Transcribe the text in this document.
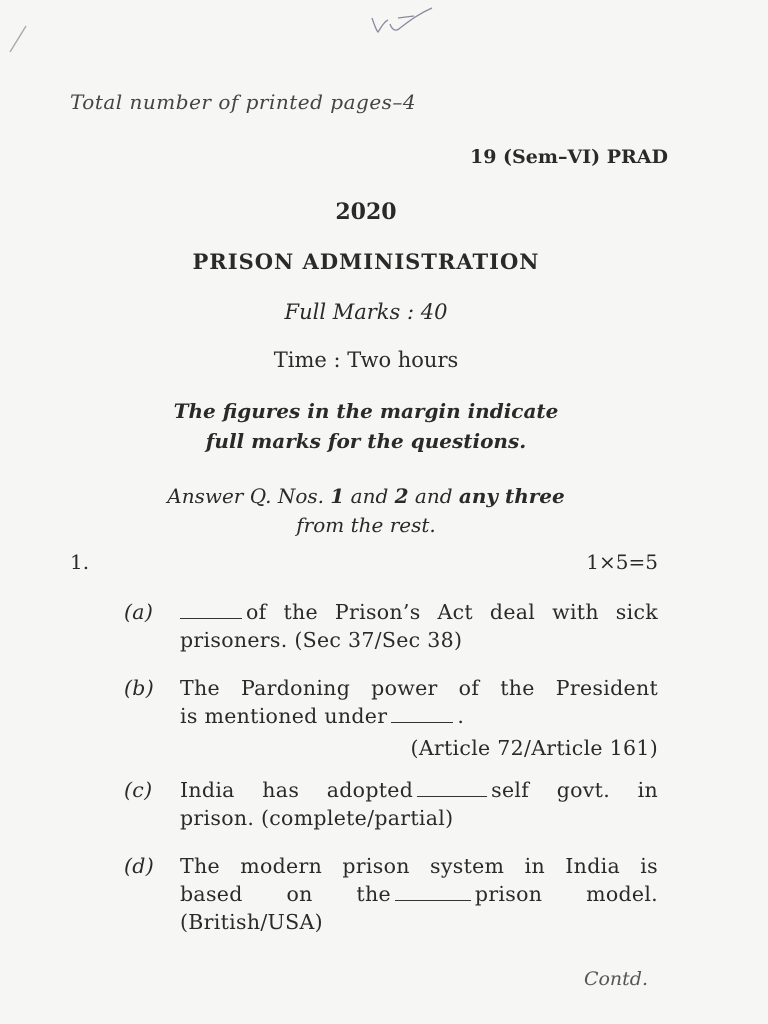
Total number of printed pages–4
19 (Sem–VI) PRAD
2020
PRISON ADMINISTRATION
Full Marks : 40
Time : Two hours
The figures in the margin indicate
full marks for the questions.
Answer Q. Nos. 1 and 2 and any three
from the rest.
1.	1×5=5
(a)	of the Prison’s Act deal with sick

prisoners. (Sec 37/Sec 38)

(b) The Pardoning power of the President

is mentioned under	.

(Article 72/Article 161)

(c) India has adopted	self govt. in

prison. (complete/partial)

(d) The modern prison system in India is

based on the	prison model.

(British/USA)

Contd.
